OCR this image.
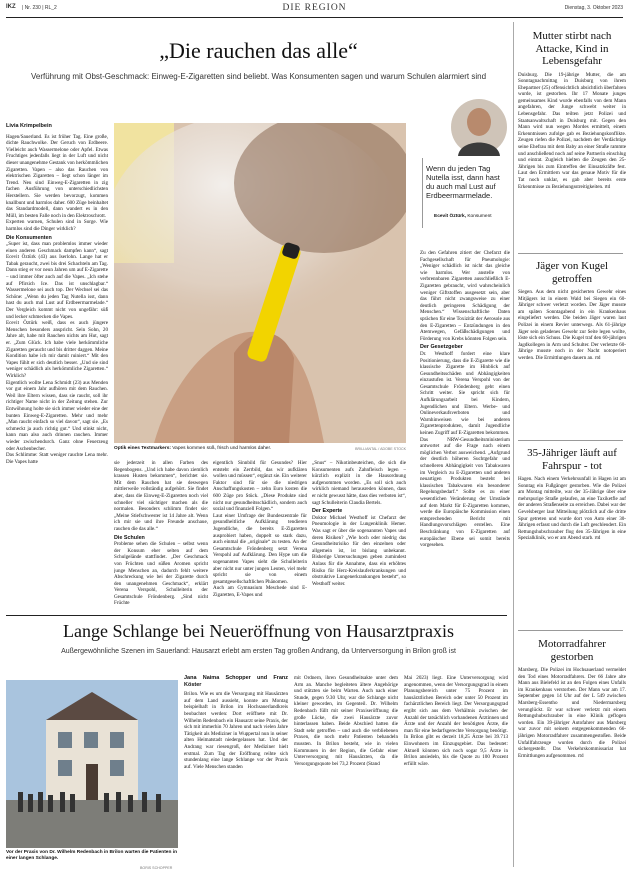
IKZ | Nr. 230 | RL_2	DIE REGION	Dienstag, 3. Oktober 2023
„Die rauchen das alle“
Verführung mit Obst-Geschmack: Einweg-E-Zigaretten sind beliebt. Was Konsumenten sagen und warum Schulen alarmiert sind
Livia Krimpelbein

Hagen/Sauerland. Es ist früher Tag. Eine große, dichte Rauchwolke. Der Geruch von Erdbeere. Vielleicht auch Wassermelone oder Apfel. Etwas Fruchtiges jedenfalls liegt in der Luft und nicht dieser unangenehme Gestank von herkömmlichen Zigaretten. Vapen – also das Rauchen von elektrischen Zigaretten – liegt schon länger im Trend. Neu sind Einweg-E-Zigaretten in zig fachen Ausführung von unterschiedlichsten Herstellern. Sie werden bevorzugt, kommen knallbunt und harmlos daher. 600 Züge beinhaltet das Standardmodell, dann wandert es in den Müll, im besten Falle noch in den Elektroschrott.

Experten warnen, Schulen sind in Sorge. Wie harmlos sind die Dinger wirklich?

Die Konsumenten

„Super ist, dass man problemlos immer wieder einen anderen Geschmack dampfen kann“, sagt Ecevit Öztürk (43) aus Iserlohn. Lange hat er Tabak geraucht, zwei bis drei Schachteln am Tag. Dann stieg er vor neun Jahren um auf E-Zigarette – und immer öfter auch auf die Vapes. „Ich stehe auf Pfirsich Ice. Das ist unschlagbar.“ Wassermelone sei auch top. Der Wechsel sei das Schöne: „Wenn du jeden Tag Nutella isst, dann hast du auch mal Lust auf Erdbeermarmelade.“ Der Vergleich kommt nicht von ungefähr: süß und lecker schmecken die Vapes.

Ecevit Öztürk weiß, dass es auch jüngere Menschen besonders anspricht. Sein Sohn, 20 Jahre alt, habe mit Rauchen nichts am Hut, sagt er. „Zum Glück. Ich habe viele herkömmliche Zigaretten geraucht und bis dritter daggen. Meine Kondition habe ich mir damit ruiniert.“ Mit den Vapes fühlt er sich deutlich besser. „Und sie sind weniger schädlich als herkömmliche Zigaretten.“ Wirklich?

Eigentlich wollte Lena Schmidt (23) aus Menden vor gut einem Jahr aufhören mit dem Rauchen. Weil ihre Eltern wissen, dass sie raucht, soll ihr richtiger Name nicht in der Zeitung stehen. Zur Entwöhnung holte sie sich immer wieder eine der bunten Einweg-E-Zigaretten. Mehr und mehr „Man raucht einfach so viel davon“, sagt sie. „Es schmeckt ja auch richtig gut.“ Und stinkt nicht, kann man also auch drinnen rauchen. Immer wieder zwischendurch. Ganz ohne Feuerzeug oder Aschenbecher.

Das Schlimme: Statt weniger rauchte Lena mehr. Die Vapes hatte

Optik eines Textmarkers: Vapes kommen süß, frisch und harmlos daher.	BRILLIANTAL / ADOBE STOCK

sie jederzeit in allen Farben des Regenbogens. „Und ich habe davon ziemlich krassen Husten bekommen“, berichtet sie. Mit dem Rauchen hat sie deswegen mittlerweile vollständig aufgehört. Sie findet aber, dass die Einweg-E-Zigaretten noch viel schneller viel süchtiger machen als die normalen. Besonders schlimm findet sie: „Meine Stiefschwester ist 14 Jahre alt. Wenn ich mir sie und ihre Freunde anschaue, rauchen die das alle.“

Die Schulen

Probleme sehen die Schulen – selbst wenn der Konsum eher selten auf dem Schulgelände stattfindet. „Der Geschmack von Früchten und süßen Aromen spricht junge Menschen an, dadurch fehlt weitere Abschreckung wie bei der Zigarette durch den unangenehmen Geschmack“, erklärt Verena Verspohl, Schulleiterin der Gesamtschule Fröndenberg. „Sind nicht Früchte

eigentlich Sinnbild für Gesundes? Hier entsteht ein Zerrbild, das wir aufklären wollen und müssen“, ergänzt sie. Ein weiterer Faktor sind für sie die niedrigen Anschaffungskosten – zehn Euro kosten die 600 Züge pro Stück. „Diese Produkte sind nicht nur gesundheitsschädlich, sondern auch sozial und finanziell Folgen.“

Laut einer Umfrage der Bundeszentrale für gesundheitliche Aufklärung tendieren Jugendliche, die bereits E-Zigaretten ausprobiert haben, doppelt so stark dazu, auch einmal die „originale“ zu testen. An der Gesamtschule Fröndenberg setzt Verena Verspohl auf Aufklärung. Den Hype um die sogenannten Vapes sieht die Schulleiterin aber nicht nur unter jungen Leuten, viel mehr spricht sie von einem gesamtgesellschaftlichen Phänomen.

Auch am Gymnasium Meschede sind E-Zigaretten, E-Vapes und

„Snus“ – Nikotinbeuteichen, die sich die Konsumenten aufs Zahnfleisch legen – kürzlich explizit in die Hausordnung aufgenommen worden. „Es soll sich auch wirklich niemand herausreden können, dass er nicht gewusst hätte, dass dies verboten ist“, sagt Schulleiterin Claudia Bertels.

Der Experte

Doktor Michael Westhoff ist Chefarzt der Pneumologie in der Lungenklinik Hemer. Was sagt er über die sogenannten Vapes und deren Risiken? „Wie hoch oder niedrig das Gesundheitsrisiko für den einzelnen oder allgemein ist, ist bislang unbekannt. Bisherige Untersuchungen geben zumindest Anlass für die Annahme, dass ein erhöhtes Risiko für Herz-Kreislauferkrankungen und obstruktive Lungenerkrankungen besteht“, so Westhoff weiter.

Wenn du jeden Tag Nutella isst, dann hast du auch mal Lust auf Erdbeermarmelade.
Ecevit Öztürk, Konsument

Zu den Gefahren zitiert der Chefarzt die Fachgesellschaft für Pneumologie: „Weniger schädlich ist nicht das gleiche wie harmlos. Wer anstelle von verbrennbaren Zigaretten ausschließlich E-Zigaretten gebraucht, wird wahrscheinlich weniger Giftstoffen ausgesetzt sein, aber das führt nicht zwangsweise zu einer deutlich geringeren Schädigung der Menschen.“ Wissenschaftliche Daten sprächen für eine Toxizität der Aerosole aus den E-Zigaretten – Entzündungen in den Atemwegen, Gefäßschädigungen und Förderung von Krebs könnten Folgen sein.

Der Gesetzgeber

Dr. Westhoff fordert eine klare Positionierung, dass die E-Zigarette wie die klassische Zigarette im Hinblick auf Gesundheitsschäden und Abhängigkeiten einzustufen ist. Verena Verspohl von der Gesamtschule Fröndenberg geht einen Schritt weiter. Sie spricht sich für Aufklärungsarbeit bei Kindern, Jugendlichen und Eltern. Werbe- und Onlineverkaufsverboten und Warnhinweisen wie bei anderen Zigarettenprodukten, damit Jugendliche keinen Zugriff auf E-Zigaretten bekommen.

Das NRW-Gesundheitsministerium antwortet auf die Frage nach einem möglichen Verbot ausweichend. „Aufgrund der deutlich höheren Suchtgefahr und schnelleren Abhängigkeit von Tabakwaren im Vergleich zu E-Zigaretten und anderen neuartigen Produkten besteht bei klassischen Tabakwaren ein besonderer Regelungsbedarf.“ Sollte es zu einer wesentlichen Veränderung der Umstände auf dem Markt für E-Zigaretten kommen, werde die Europäische Kommission einen entsprechenden Bericht mit Handlungsvorschlägen erstellen. Eine Beschränkung von E-Zigaretten auf europäischer Ebene sei somit bereits vorgesehen.

Mutter stirbt nach Attacke, Kind in Lebensgefahr
Duisburg. Die 19-jährige Mutter, die am Sonntagnachmittag in Duisburg von ihrem Ehepartner (25) offensichtlich absichtlich überfahren wurde, ist gestorben. Ihr 17 Monate junges gemeinsames Kind wurde ebenfalls von dem Mann angefahren, der Junge schwebt weiter in Lebensgefahr. Das teilten jetzt Polizei und Staatsanwaltschaft in Duisburg mit. Gegen den Mann wird nun wegen Mordes ermittelt, einem Erkenntnissen zufolge gab es Beziehungskonflikte. Zeugen riefen die Polizei, nachdem der Verdächtige seine Ehefrau mit dem Baby an einer Straße rammte und anschließend noch auf seine Partnerin einschlug und eintrat. Zugleich hielten die Zeugen den 25-Jährigen bis zum Eintreffen der Einsatzkräfte fest. Laut den Ermittlern war das genaue Motiv für die Tat noch unklar, es gab aber bereits erste Erkenntnisse zu Beziehungsstreitigkeiten. rtd
Jäger von Kugel getroffen
Siegen. Aus dem nicht gesicherten Gewehr eines Mitjägers ist in einem Wald bei Siegen ein 60-Jähriger schwer verletzt worden. Der Jäger musste am späten Sonntagabend in ein Krankenhaus eingeliefert werden. Die beiden Jäger waren laut Polizei in einem Revier unterwegs. Als 61-jährige Jäger sein geladenes Gewehr zur Seite legen wollte, löste sich ein Schuss. Die Kugel traf den 60-jährigen Jagdkollegen in Arm und Schulter. Der verletzte 60-Jährige musste noch in der Nacht notoperiert werden. Die Ermittlungen dauern an. rtd
35-Jähriger läuft auf Fahrspur - tot
Hagen. Nach einem Verkehrsunfall in Hagen ist am Sonntag ein Fußgänger gestorben. Wie die Polizei am Montag mitteilte, war der 35-Jährige über eine mehrspurige Straße gelaufen, an eine Taxiketfle auf der anderen Straßenseite zu erreichen. Dabei war der Gevelsberger laut Mitteilung plötzlich auf die dritte Spur getreten und wurde dort von Auto einer 30-Jährigen erfasst und durch die Luft geschleudert. Ein Rettungshubschrauber flog den 35-Jährigen in eine Spezialklinik, wo er am Abend starb. rtd
Motorradfahrer gestorben
Marsberg. Die Polizei im Hochsauerland vermeldet den Tod eines Motorradfahrers. Der 66 Jahre alte Mann aus Bielefeld ist an den Folgen eines Unfalls im Krankenhaus verstorben. Der Mann war am 17. September gegen 14 Uhr auf der L 549 zwischen Marsberg-Essentho und Niedermarsberg verunglückt. Er war schwer verletzt mit einem Rettungshubschrauber in eine Klinik geflogen worden. Ein 39-jähriger Autofahrer aus Marsberg war zuvor mit seinem entgegenkommenden 66-jährigen Motorradfahrer zusammengestoßen. Beide Unfallfahrzeuge wurden durch die Polizei sichergestellt. Das Verkehrskommissariat hat Ermittlungen aufgenommen. rtd
Lange Schlange bei Neueröffnung von Hausarztpraxis
Außergewöhnliche Szenen im Sauerland: Hausarzt erlebt am ersten Tag großen Andrang, da Unterversorgung in Brilon groß ist
Vor der Praxis von Dr. Wilhelm Redenbach in Brilon warten die Patienten in einer langen Schlange.
BORIS SCHOPPER
Jana Naima Schopper und Franz Köster

Brilon. Wie es um die Versorgung mit Hausärzten auf dem Land aussieht, konnte am Montag beispielhaft in Brilon im Hochsauerlandkreis beobachtet werden: Dort eröffnete mit Dr. Wilhelm Redenbach ein Hausarzt seine Praxis, der sich mit immerhin 70 Jahren und nach vielen Jahre Tätigkeit als Mediziner in Wuppertal nun in seiner alten Heimatstadt niedergelassen hat. Und der Andrang war riesengroß, der Mediziner hielt erstmal. Zum Tag der Eröffnung reihte sich stundenlang eine lange Schlange vor der Praxis auf. Viele Menschen standen

mit Ordnern, ihren Gesundheitsakte unter dem Arm an. Manche begleiteten ältere Angehörige und stützten sie beim Warten. Auch nach einer Stunde, gegen 9.30 Uhr, war die Schlange nicht kleiner geworden, im Gegenteil. Dr. Wilhelm Redenbach füllt mit seiner Praxiseröffnung die große Lücke, die zwei Hausärzte zuvor hinterlassen haben. Beide Abschied hatten die Stadt sehr getroffen – und auch die verbliebenen Praxen, die noch mehr Patienten behandeln mussten. In Brilon besteht, wie in vielen Kommunen in der Region, die Gefahr einer Unterversorgung mit Hausärzten, da die Versorgungsquote bei 73,2 Prozent (Stand

Mai 2023) liegt. Eine Unterversorgung wird angenommen, wenn der Versorgungsgrad in einem Planungsbereich unter 75 Prozent im hausärztlichen Bereich oder unter 50 Prozent im fachärztlichen Bereich liegt. Der Versorgungsgrad ergibt sich aus dem Verhältnis zwischen der Anzahl der tatsächlich vorhandenen Ärztinnen und Ärzte und der Anzahl der benötigten Ärzte, die man für eine bedarfsgerechte Versorgung benötigt. In Brilon gibt es derzeit 18,25 Ärzte bei 39.713 Einwohnern im Einzugsgebiet. Das bedeutet: Aktuell könnten sich noch sogar 9,5 Ärzte in Brilon ansiedeln, bis die Quote zu 100 Prozent erfüllt wäre.
